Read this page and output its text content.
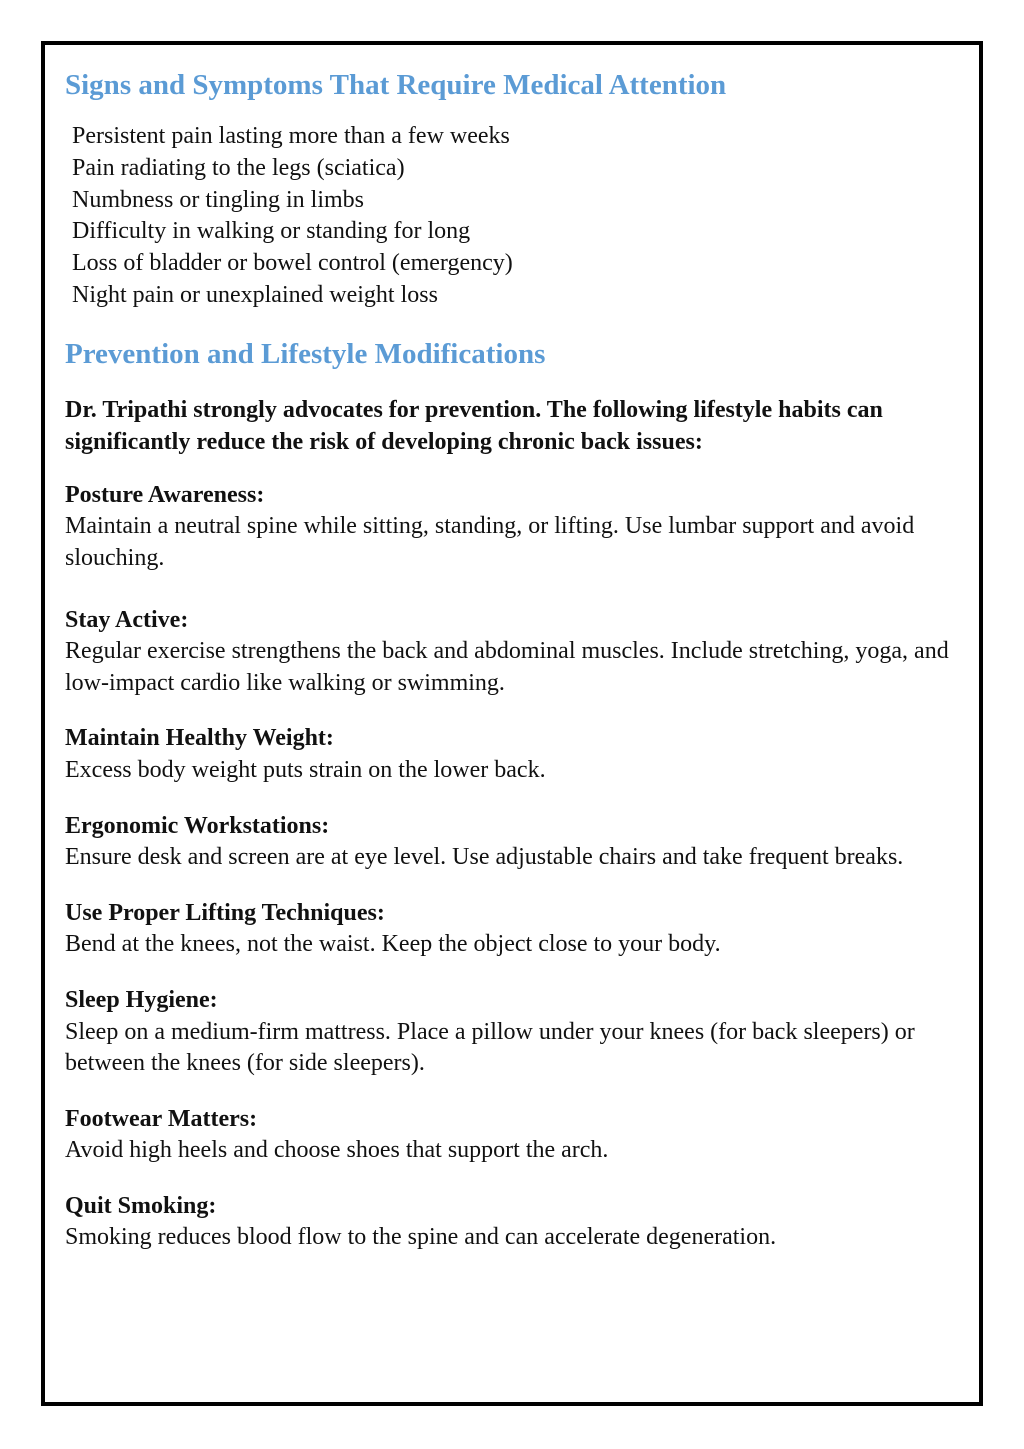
Signs and Symptoms That Require Medical Attention
Persistent pain lasting more than a few weeks
Pain radiating to the legs (sciatica)
Numbness or tingling in limbs
Difficulty in walking or standing for long
Loss of bladder or bowel control (emergency)
Night pain or unexplained weight loss
Prevention and Lifestyle Modifications

Dr. Tripathi strongly advocates for prevention. The following lifestyle habits can significantly reduce the risk of developing chronic back issues:

Posture Awareness:
Maintain a neutral spine while sitting, standing, or lifting. Use lumbar support and avoid slouching.
Stay Active:
Regular exercise strengthens the back and abdominal muscles. Include stretching, yoga, and low-impact cardio like walking or swimming.
Maintain Healthy Weight:
Excess body weight puts strain on the lower back.
Ergonomic Workstations:
Ensure desk and screen are at eye level. Use adjustable chairs and take frequent breaks.
Use Proper Lifting Techniques:
Bend at the knees, not the waist. Keep the object close to your body.
Sleep Hygiene:
Sleep on a medium-firm mattress. Place a pillow under your knees (for back sleepers) or between the knees (for side sleepers).
Footwear Matters:
Avoid high heels and choose shoes that support the arch.
Quit Smoking:
Smoking reduces blood flow to the spine and can accelerate degeneration.
